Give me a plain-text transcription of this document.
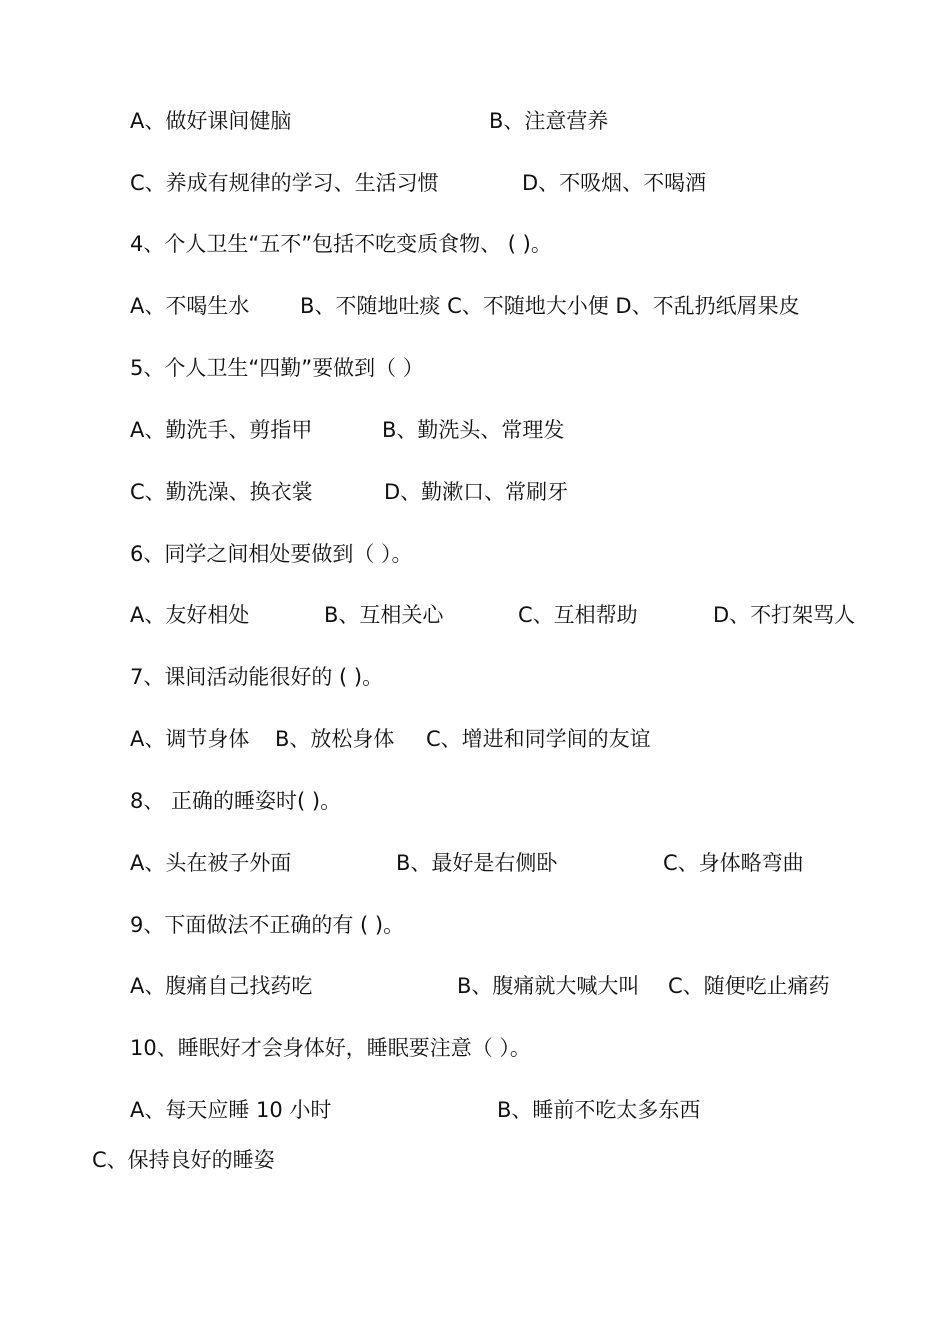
A、做好课间健脑	B、注意营养
C、养成有规律的学习、生活习惯	D、不吸烟、不喝酒
4、个人卫生“五不”包括不吃变质食物、 ( )。
A、不喝生水 B、不随地吐痰 C、不随地大小便 D、不乱扔纸屑果皮
5、个人卫生“四勤”要做到（ ）
A、勤洗手、剪指甲	B、勤洗头、常理发
C、勤洗澡、换衣裳	D、勤漱口、常刷牙
6、同学之间相处要做到（ ）。
A、友好相处	B、互相关心	C、互相帮助	D、不打架骂人
7、课间活动能很好的 ( )。
A、调节身体 B、放松身体 C、增进和同学间的友谊
8、 正确的睡姿时( )。
A、头在被子外面	B、最好是右侧卧	C、身体略弯曲
9、下面做法不正确的有 ( )。
A、腹痛自己找药吃	B、腹痛就大喊大叫 C、随便吃止痛药
10、睡眠好才会身体好，睡眠要注意（ ）。
A、每天应睡 10 小时	B、睡前不吃太多东西
C、保持良好的睡姿
